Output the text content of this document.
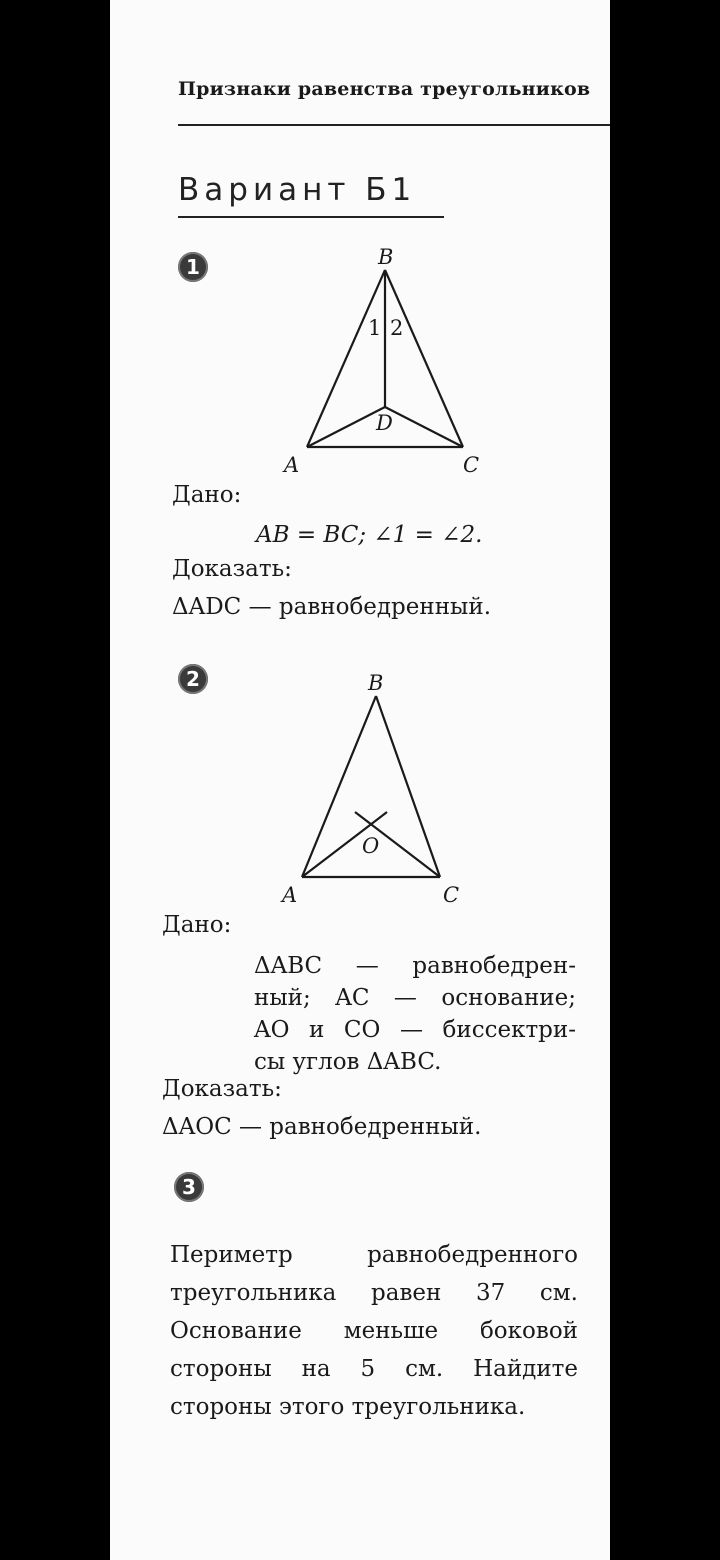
Признаки равенства треугольников
Вариант Б1
1	B
A	C
D
1 2
Дано:
AB = BC; ∠1 = ∠2.
Доказать:
ΔADC — равнобедренный.
2	B
A	C
O
Дано:
ΔABC — равнобедрен-
ный; AC — основание;
AO и CO — биссектри-
сы углов ΔABC.
Доказать:
ΔAOC — равнобедренный.
3
Периметр равнобедренного
треугольника равен 37 см.
Основание меньше боковой
стороны на 5 см. Найдите
стороны этого треугольника.
